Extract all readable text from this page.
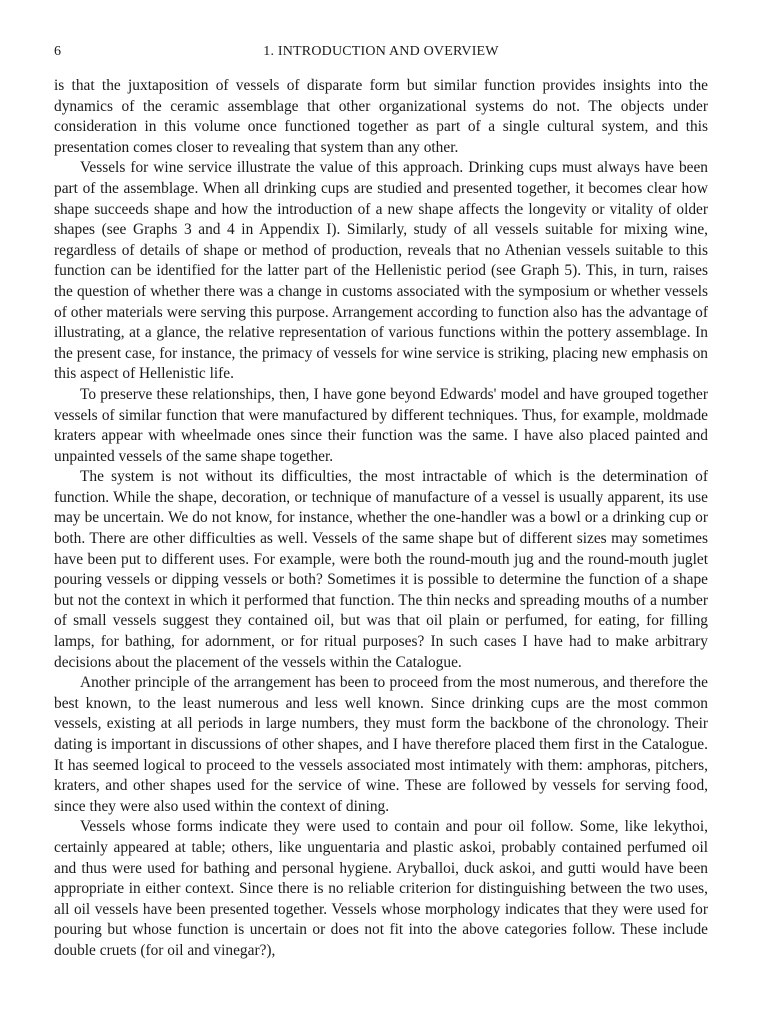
6	1. INTRODUCTION AND OVERVIEW

is that the juxtaposition of vessels of disparate form but similar function provides insights into the dynamics of the ceramic assemblage that other organizational systems do not. The objects under consideration in this volume once functioned together as part of a single cultural system, and this presentation comes closer to revealing that system than any other.

Vessels for wine service illustrate the value of this approach. Drinking cups must always have been part of the assemblage. When all drinking cups are studied and presented together, it becomes clear how shape succeeds shape and how the introduction of a new shape affects the longevity or vitality of older shapes (see Graphs 3 and 4 in Appendix I). Similarly, study of all vessels suitable for mixing wine, regardless of details of shape or method of production, reveals that no Athenian vessels suitable to this function can be identified for the latter part of the Hellenistic period (see Graph 5). This, in turn, raises the question of whether there was a change in customs associated with the symposium or whether vessels of other materials were serving this purpose. Arrangement according to function also has the advantage of illustrating, at a glance, the relative representation of various functions within the pottery assemblage. In the present case, for instance, the primacy of vessels for wine service is striking, placing new emphasis on this aspect of Hellenistic life.

To preserve these relationships, then, I have gone beyond Edwards' model and have grouped together vessels of similar function that were manufactured by different techniques. Thus, for example, moldmade kraters appear with wheelmade ones since their function was the same. I have also placed painted and unpainted vessels of the same shape together.

The system is not without its difficulties, the most intractable of which is the determination of function. While the shape, decoration, or technique of manufacture of a vessel is usually apparent, its use may be uncertain. We do not know, for instance, whether the one-handler was a bowl or a drinking cup or both. There are other difficulties as well. Vessels of the same shape but of different sizes may sometimes have been put to different uses. For example, were both the round-mouth jug and the round-mouth juglet pouring vessels or dipping vessels or both? Sometimes it is possible to determine the function of a shape but not the context in which it performed that function. The thin necks and spreading mouths of a number of small vessels suggest they contained oil, but was that oil plain or perfumed, for eating, for filling lamps, for bathing, for adornment, or for ritual purposes? In such cases I have had to make arbitrary decisions about the placement of the vessels within the Catalogue.

Another principle of the arrangement has been to proceed from the most numerous, and therefore the best known, to the least numerous and less well known. Since drinking cups are the most common vessels, existing at all periods in large numbers, they must form the backbone of the chronology. Their dating is important in discussions of other shapes, and I have therefore placed them first in the Catalogue. It has seemed logical to proceed to the vessels associated most intimately with them: amphoras, pitchers, kraters, and other shapes used for the service of wine. These are followed by vessels for serving food, since they were also used within the context of dining.

Vessels whose forms indicate they were used to contain and pour oil follow. Some, like lekythoi, certainly appeared at table; others, like unguentaria and plastic askoi, probably contained perfumed oil and thus were used for bathing and personal hygiene. Aryballoi, duck askoi, and gutti would have been appropriate in either context. Since there is no reliable criterion for distinguishing between the two uses, all oil vessels have been presented together. Vessels whose morphology indicates that they were used for pouring but whose function is uncertain or does not fit into the above categories follow. These include double cruets (for oil and vinegar?),
